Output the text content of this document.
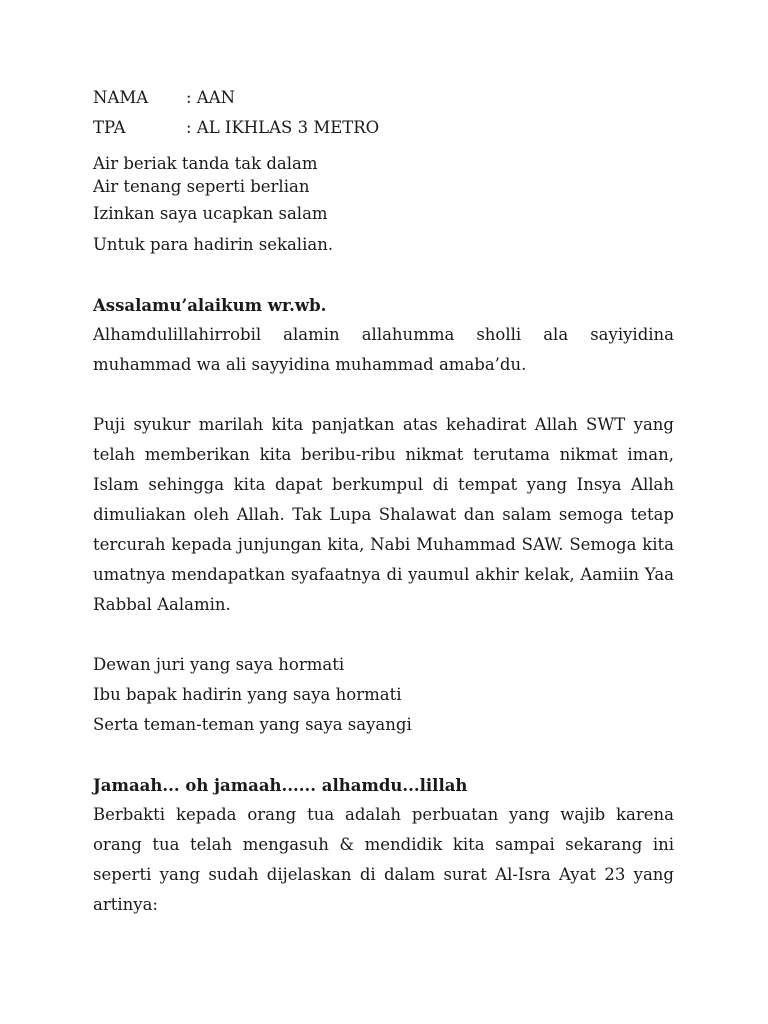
NAMA : AAN
TPA	: AL IKHLAS 3 METRO
Air beriak tanda tak dalam
Air tenang seperti berlian
Izinkan saya ucapkan salam
Untuk para hadirin sekalian.
Assalamu’alaikum wr.wb.

Alhamdulillahirrobil alamin allahumma sholli ala sayiyidina muhammad wa ali sayyidina muhammad amaba’du.

Puji syukur marilah kita panjatkan atas kehadirat Allah SWT yang telah memberikan kita beribu-ribu nikmat terutama nikmat iman, Islam sehingga kita dapat berkumpul di tempat yang Insya Allah dimuliakan oleh Allah. Tak Lupa Shalawat dan salam semoga tetap tercurah kepada junjungan kita, Nabi Muhammad SAW. Semoga kita umatnya mendapatkan syafaatnya di yaumul akhir kelak, Aamiin Yaa Rabbal Aalamin.

Dewan juri yang saya hormati
Ibu bapak hadirin yang saya hormati
Serta teman-teman yang saya sayangi
Jamaah... oh jamaah...... alhamdu...lillah

Berbakti kepada orang tua adalah perbuatan yang wajib karena orang tua telah mengasuh & mendidik kita sampai sekarang ini seperti yang sudah dijelaskan di dalam surat Al-Isra Ayat 23 yang artinya:
